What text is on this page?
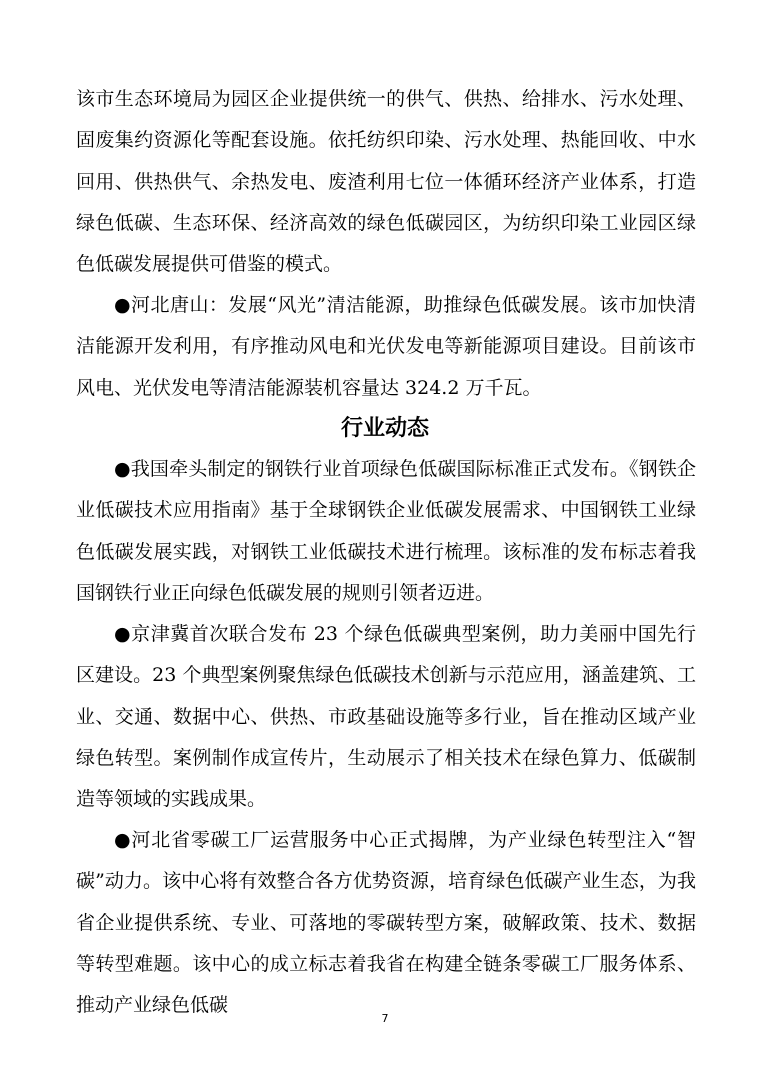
该市生态环境局为园区企业提供统一的供气、供热、给排水、污水处理、固废集约资源化等配套设施。依托纺织印染、污水处理、热能回收、中水回用、供热供气、余热发电、废渣利用七位一体循环经济产业体系，打造绿色低碳、生态环保、经济高效的绿色低碳园区，为纺织印染工业园区绿色低碳发展提供可借鉴的模式。

●河北唐山：发展“风光”清洁能源，助推绿色低碳发展。该市加快清洁能源开发利用，有序推动风电和光伏发电等新能源项目建设。目前该市风电、光伏发电等清洁能源装机容量达 324.2 万千瓦。

行业动态

●我国牵头制定的钢铁行业首项绿色低碳国际标准正式发布。《钢铁企业低碳技术应用指南》基于全球钢铁企业低碳发展需求、中国钢铁工业绿色低碳发展实践，对钢铁工业低碳技术进行梳理。该标准的发布标志着我国钢铁行业正向绿色低碳发展的规则引领者迈进。

●京津冀首次联合发布 23 个绿色低碳典型案例，助力美丽中国先行区建设。23 个典型案例聚焦绿色低碳技术创新与示范应用，涵盖建筑、工业、交通、数据中心、供热、市政基础设施等多行业，旨在推动区域产业绿色转型。案例制作成宣传片，生动展示了相关技术在绿色算力、低碳制造等领域的实践成果。

●河北省零碳工厂运营服务中心正式揭牌，为产业绿色转型注入“智碳”动力。该中心将有效整合各方优势资源，培育绿色低碳产业生态，为我省企业提供系统、专业、可落地的零碳转型方案，破解政策、技术、数据等转型难题。该中心的成立标志着我省在构建全链条零碳工厂服务体系、推动产业绿色低碳

7
